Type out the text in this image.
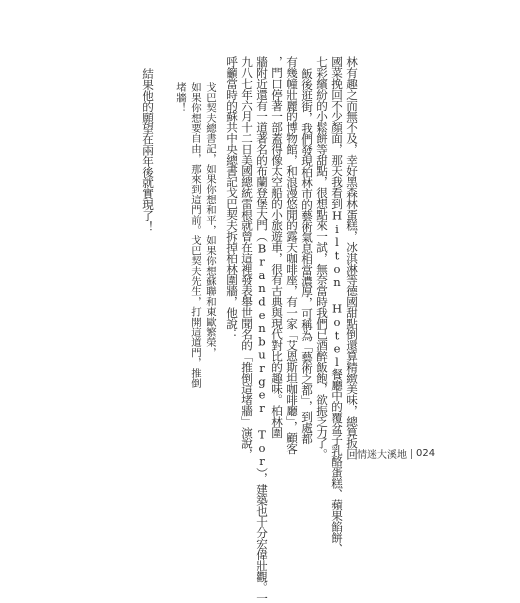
林有趣之而無不及，幸好黑森林蛋糕，冰淇淋等德國甜點倒還算精緻美味，總算扳回
國菜挽回不少顏面，那天我看到Hilton Hotel餐廳中的覆盆子乳酪蛋糕、蘋果餡餅、
七彩繽紛的小鬆餅等甜點，很想點來一試，無奈當時我們已酒醉飯飽，欲振乏力了。
飯後逛街，我們發現柏林市的藝術氣息相當濃厚，可稱為「藝術之都」，到處都
有幾幢壯麗的博物館，和浪漫悠閒的露天咖啡座，有一家「艾恩斯坦咖啡廳」，顧客
，門口停著一部蓋得像太空船的小旅遊車，很有古典與現代對比的趣味。柏林圍
牆附近還有一道著名的布蘭登堡大門（Brandenburger Tor），建築也十分宏偉壯觀。一
九八七年六月十二日美國總統雷根就曾在這裡發表舉世聞名的「推倒這堵牆」演說，
呼籲當時的蘇共中央總書記戈巴契夫拆掉柏林圍牆，他說：
戈巴契夫總書記，如果你想和平，如果你想蘇聯和東歐繁榮，
如果你想要自由，那來到這門前。戈巴契夫先生，打開這道門，推倒
堵牆！
結果他的願望在兩年後就實現了！
情迷大溪地 024
